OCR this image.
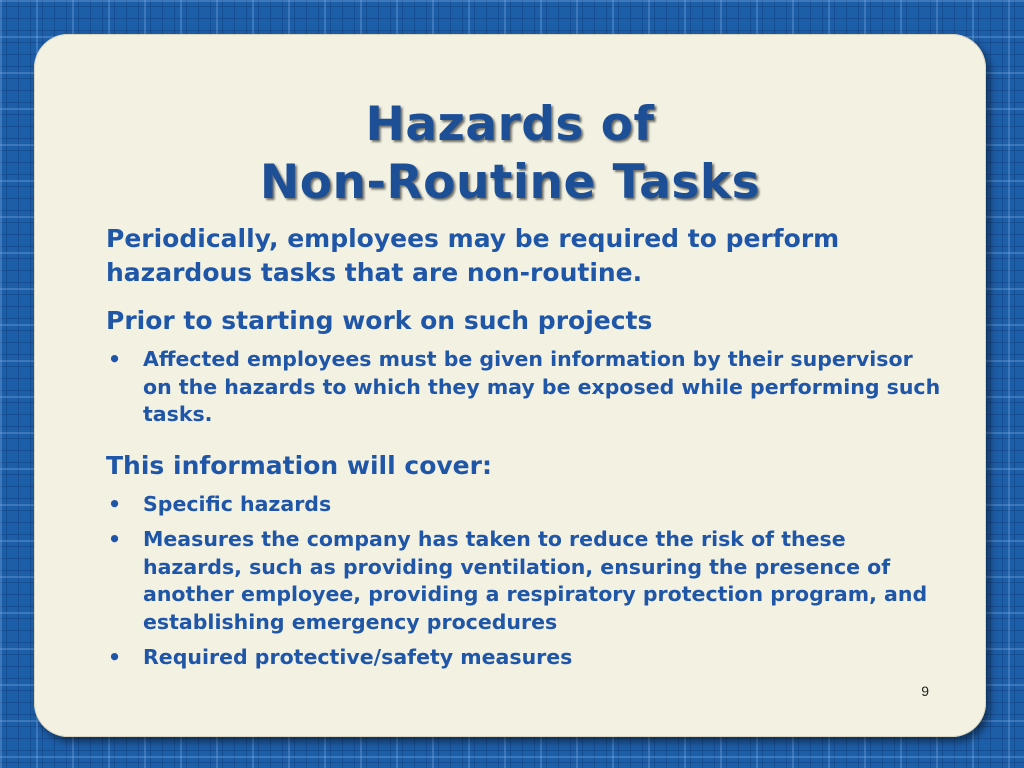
Hazards of
Non-Routine Tasks

Periodically, employees may be required to perform hazardous tasks that are non-routine.

Prior to starting work on such projects

• Affected employees must be given information by their supervisor on the hazards to which they may be exposed while performing such tasks.

This information will cover:

• Specific hazards
• Measures the company has taken to reduce the risk of these hazards, such as providing ventilation, ensuring the presence of another employee, providing a respiratory protection program, and establishing emergency procedures
• Required protective/safety measures
9
